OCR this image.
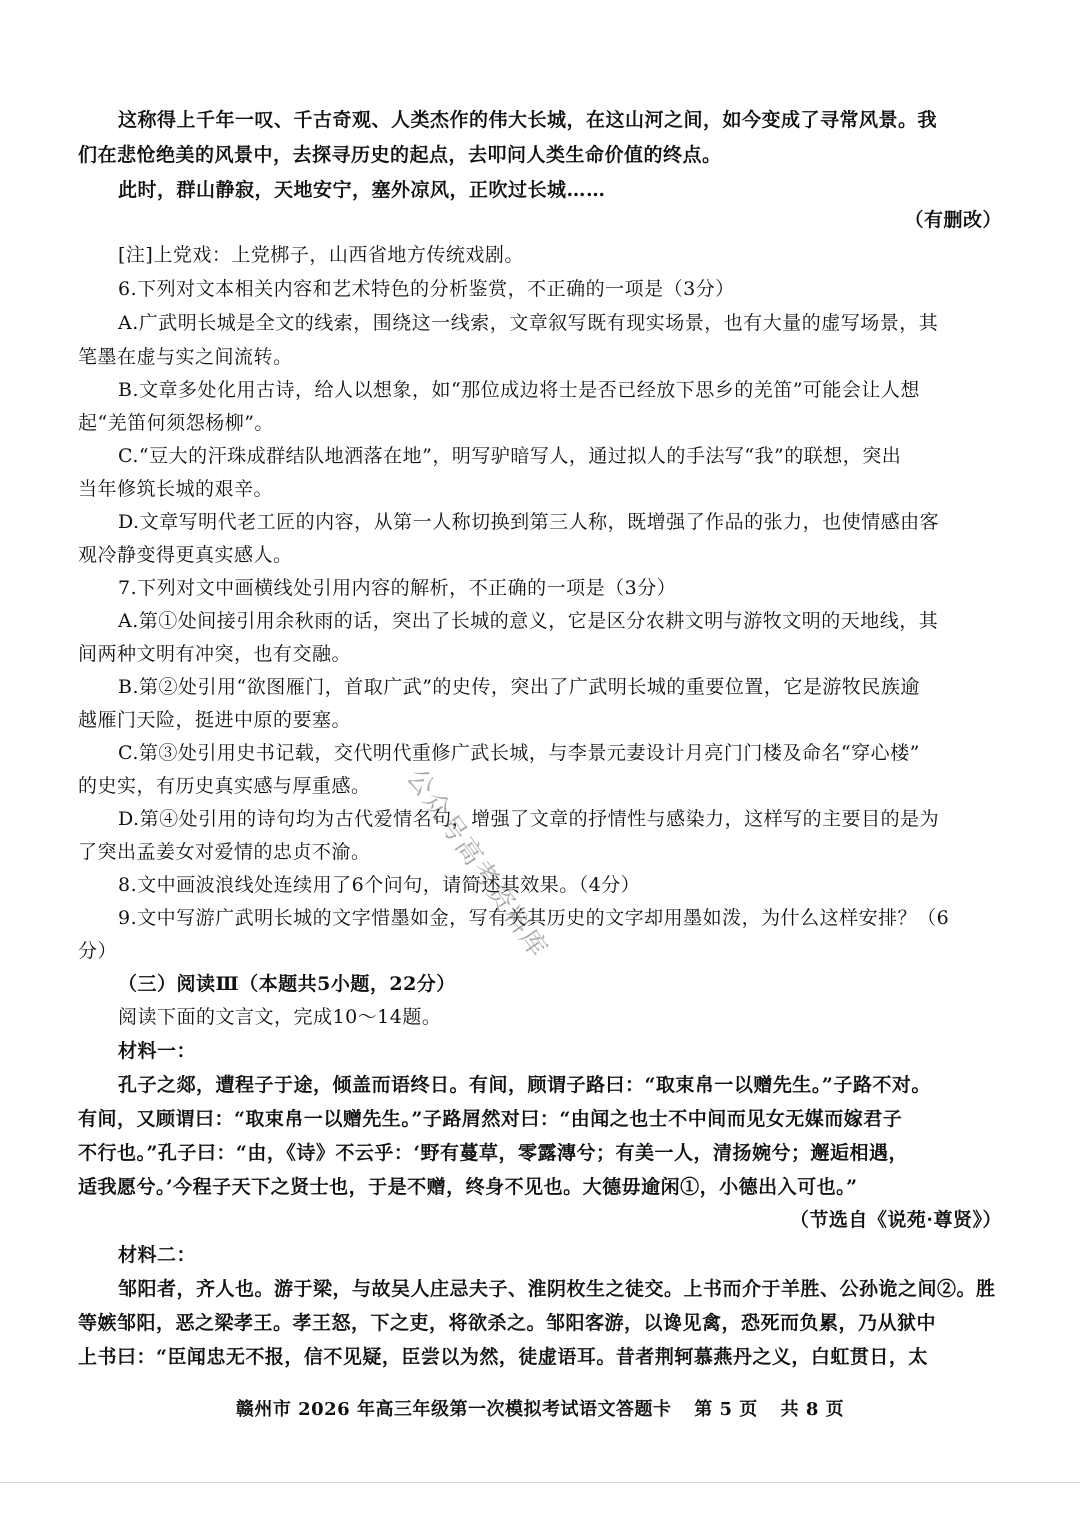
这称得上千年一叹、千古奇观、人类杰作的伟大长城，在这山河之间，如今变成了寻常风景。我
们在悲怆绝美的风景中，去探寻历史的起点，去叩问人类生命价值的终点。
此时，群山静寂，天地安宁，塞外凉风，正吹过长城……
（有删改）
[注]上党戏：上党梆子，山西省地方传统戏剧。
6.下列对文本相关内容和艺术特色的分析鉴赏，不正确的一项是（3分）
A.广武明长城是全文的线索，围绕这一线索，文章叙写既有现实场景，也有大量的虚写场景，其
笔墨在虚与实之间流转。
B.文章多处化用古诗，给人以想象，如“那位成边将士是否已经放下思乡的羌笛”可能会让人想
起“羌笛何须怨杨柳”。
C.“豆大的汗珠成群结队地洒落在地”，明写驴暗写人，通过拟人的手法写“我”的联想，突出
当年修筑长城的艰辛。
D.文章写明代老工匠的内容，从第一人称切换到第三人称，既增强了作品的张力，也使情感由客
观冷静变得更真实感人。
7.下列对文中画横线处引用内容的解析，不正确的一项是（3分）
A.第①处间接引用余秋雨的话，突出了长城的意义，它是区分农耕文明与游牧文明的天地线，其
间两种文明有冲突，也有交融。
B.第②处引用“欲图雁门，首取广武”的史传，突出了广武明长城的重要位置，它是游牧民族逾
越雁门天险，挺进中原的要塞。
C.第③处引用史书记载，交代明代重修广武长城，与李景元妻设计月亮门门楼及命名“穿心楼”
的史实，有历史真实感与厚重感。
D.第④处引用的诗句均为古代爱情名句，增强了文章的抒情性与感染力，这样写的主要目的是为
了突出孟姜女对爱情的忠贞不渝。
8.文中画波浪线处连续用了6个问句，请简述其效果。（4分）
9.文中写游广武明长城的文字惜墨如金，写有关其历史的文字却用墨如泼，为什么这样安排？（6
分）
（三）阅读Ⅲ（本题共5小题，22分）
阅读下面的文言文，完成10～14题。
材料一：
孔子之郯，遭程子于途，倾盖而语终日。有间，顾谓子路曰：“取束帛一以赠先生。”子路不对。
有间，又顾谓曰：“取束帛一以赠先生。”子路屑然对曰：“由闻之也士不中间而见女无媒而嫁君子
不行也。”孔子曰：“由，《诗》不云乎：‘野有蔓草，零露漙兮；有美一人，清扬婉兮；邂逅相遇，
适我愿兮。’今程子天下之贤士也，于是不赠，终身不见也。大德毋逾闲①，小德出入可也。”
（节选自《说苑·尊贤》）
材料二：
邹阳者，齐人也。游于梁，与故吴人庄忌夫子、淮阴枚生之徒交。上书而介于羊胜、公孙诡之间②。胜
等嫉邹阳，恶之梁孝王。孝王怒，下之吏，将欲杀之。邹阳客游，以谗见禽，恐死而负累，乃从狱中
上书曰：“臣闻忠无不报，信不见疑，臣尝以为然，徒虚语耳。昔者荆轲慕燕丹之义，白虹贯日，太
赣州市 2026 年高三年级第一次模拟考试语文答题卡 第 5 页 共 8 页
公众号高考资料库
